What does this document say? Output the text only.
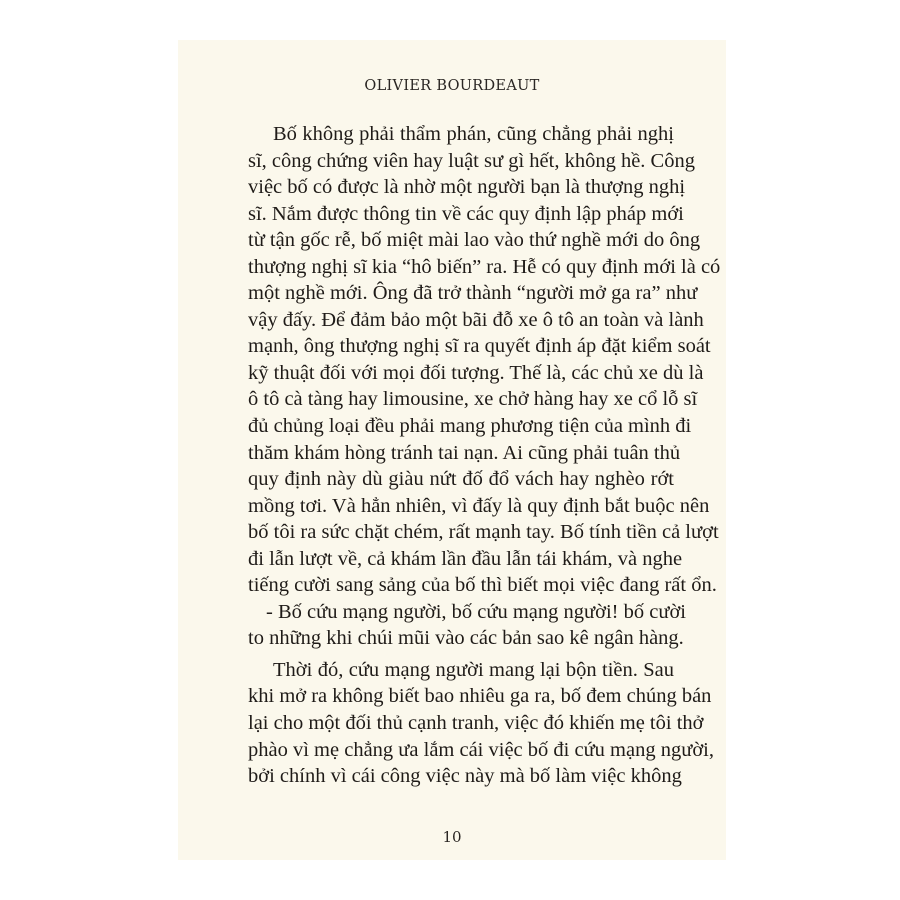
OLIVIER BOURDEAUT
Bố không phải thẩm phán, cũng chẳng phải nghị
sĩ, công chứng viên hay luật sư gì hết, không hề. Công
việc bố có được là nhờ một người bạn là thượng nghị
sĩ. Nắm được thông tin về các quy định lập pháp mới
từ tận gốc rễ, bố miệt mài lao vào thứ nghề mới do ông
thượng nghị sĩ kia “hô biến” ra. Hễ có quy định mới là có
một nghề mới. Ông đã trở thành “người mở ga ra” như
vậy đấy. Để đảm bảo một bãi đỗ xe ô tô an toàn và lành
mạnh, ông thượng nghị sĩ ra quyết định áp đặt kiểm soát
kỹ thuật đối với mọi đối tượng. Thế là, các chủ xe dù là
ô tô cà tàng hay limousine, xe chở hàng hay xe cổ lỗ sĩ
đủ chủng loại đều phải mang phương tiện của mình đi
thăm khám hòng tránh tai nạn. Ai cũng phải tuân thủ
quy định này dù giàu nứt đố đổ vách hay nghèo rớt
mồng tơi. Và hẳn nhiên, vì đấy là quy định bắt buộc nên
bố tôi ra sức chặt chém, rất mạnh tay. Bố tính tiền cả lượt
đi lẫn lượt về, cả khám lần đầu lẫn tái khám, và nghe
tiếng cười sang sảng của bố thì biết mọi việc đang rất ổn.
- Bố cứu mạng người, bố cứu mạng người! bố cười
to những khi chúi mũi vào các bản sao kê ngân hàng.
Thời đó, cứu mạng người mang lại bộn tiền. Sau
khi mở ra không biết bao nhiêu ga ra, bố đem chúng bán
lại cho một đối thủ cạnh tranh, việc đó khiến mẹ tôi thở
phào vì mẹ chẳng ưa lắm cái việc bố đi cứu mạng người,
bởi chính vì cái công việc này mà bố làm việc không
10
